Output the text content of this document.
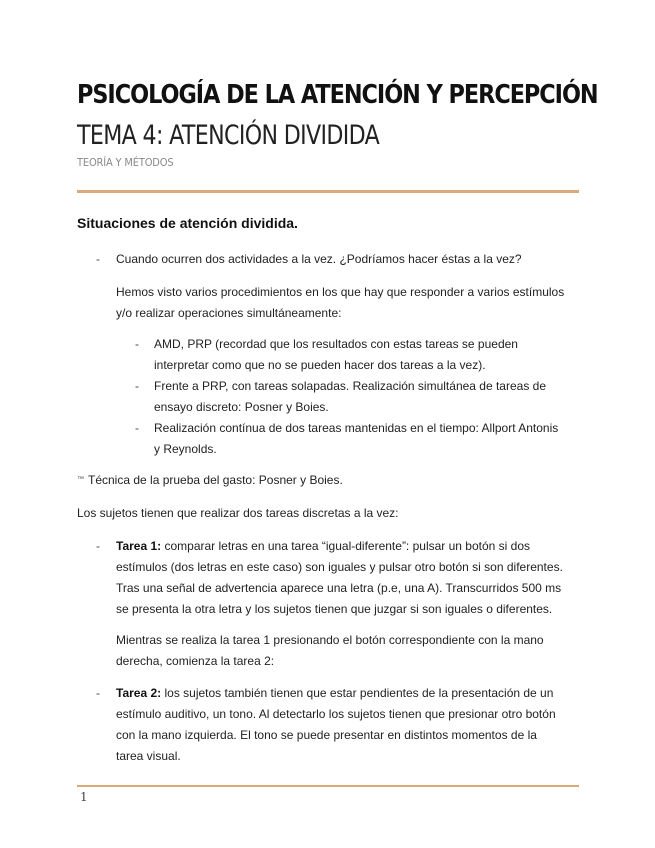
PSICOLOGÍA DE LA ATENCIÓN Y PERCEPCIÓN
TEMA 4: ATENCIÓN DIVIDIDA
TEORÍA Y MÉTODOS
Situaciones de atención dividida.
- Cuando ocurren dos actividades a la vez. ¿Podríamos hacer éstas a la vez?
Hemos visto varios procedimientos en los que hay que responder a varios estímulos
y/o realizar operaciones simultáneamente:
- AMD, PRP (recordad que los resultados con estas tareas se pueden
interpretar como que no se pueden hacer dos tareas a la vez).
- Frente a PRP, con tareas solapadas. Realización simultánea de tareas de
ensayo discreto: Posner y Boies.
- Realización contínua de dos tareas mantenidas en el tiempo: Allport Antonis
y Reynolds.
™ Técnica de la prueba del gasto: Posner y Boies.
Los sujetos tienen que realizar dos tareas discretas a la vez:
- Tarea 1: comparar letras en una tarea “igual-diferente”: pulsar un botón si dos
estímulos (dos letras en este caso) son iguales y pulsar otro botón si son diferentes.
Tras una señal de advertencia aparece una letra (p.e, una A). Transcurridos 500 ms
se presenta la otra letra y los sujetos tienen que juzgar si son iguales o diferentes.
Mientras se realiza la tarea 1 presionando el botón correspondiente con la mano
derecha, comienza la tarea 2:
- Tarea 2: los sujetos también tienen que estar pendientes de la presentación de un
estímulo auditivo, un tono. Al detectarlo los sujetos tienen que presionar otro botón
con la mano izquierda. El tono se puede presentar en distintos momentos de la
tarea visual.
1
